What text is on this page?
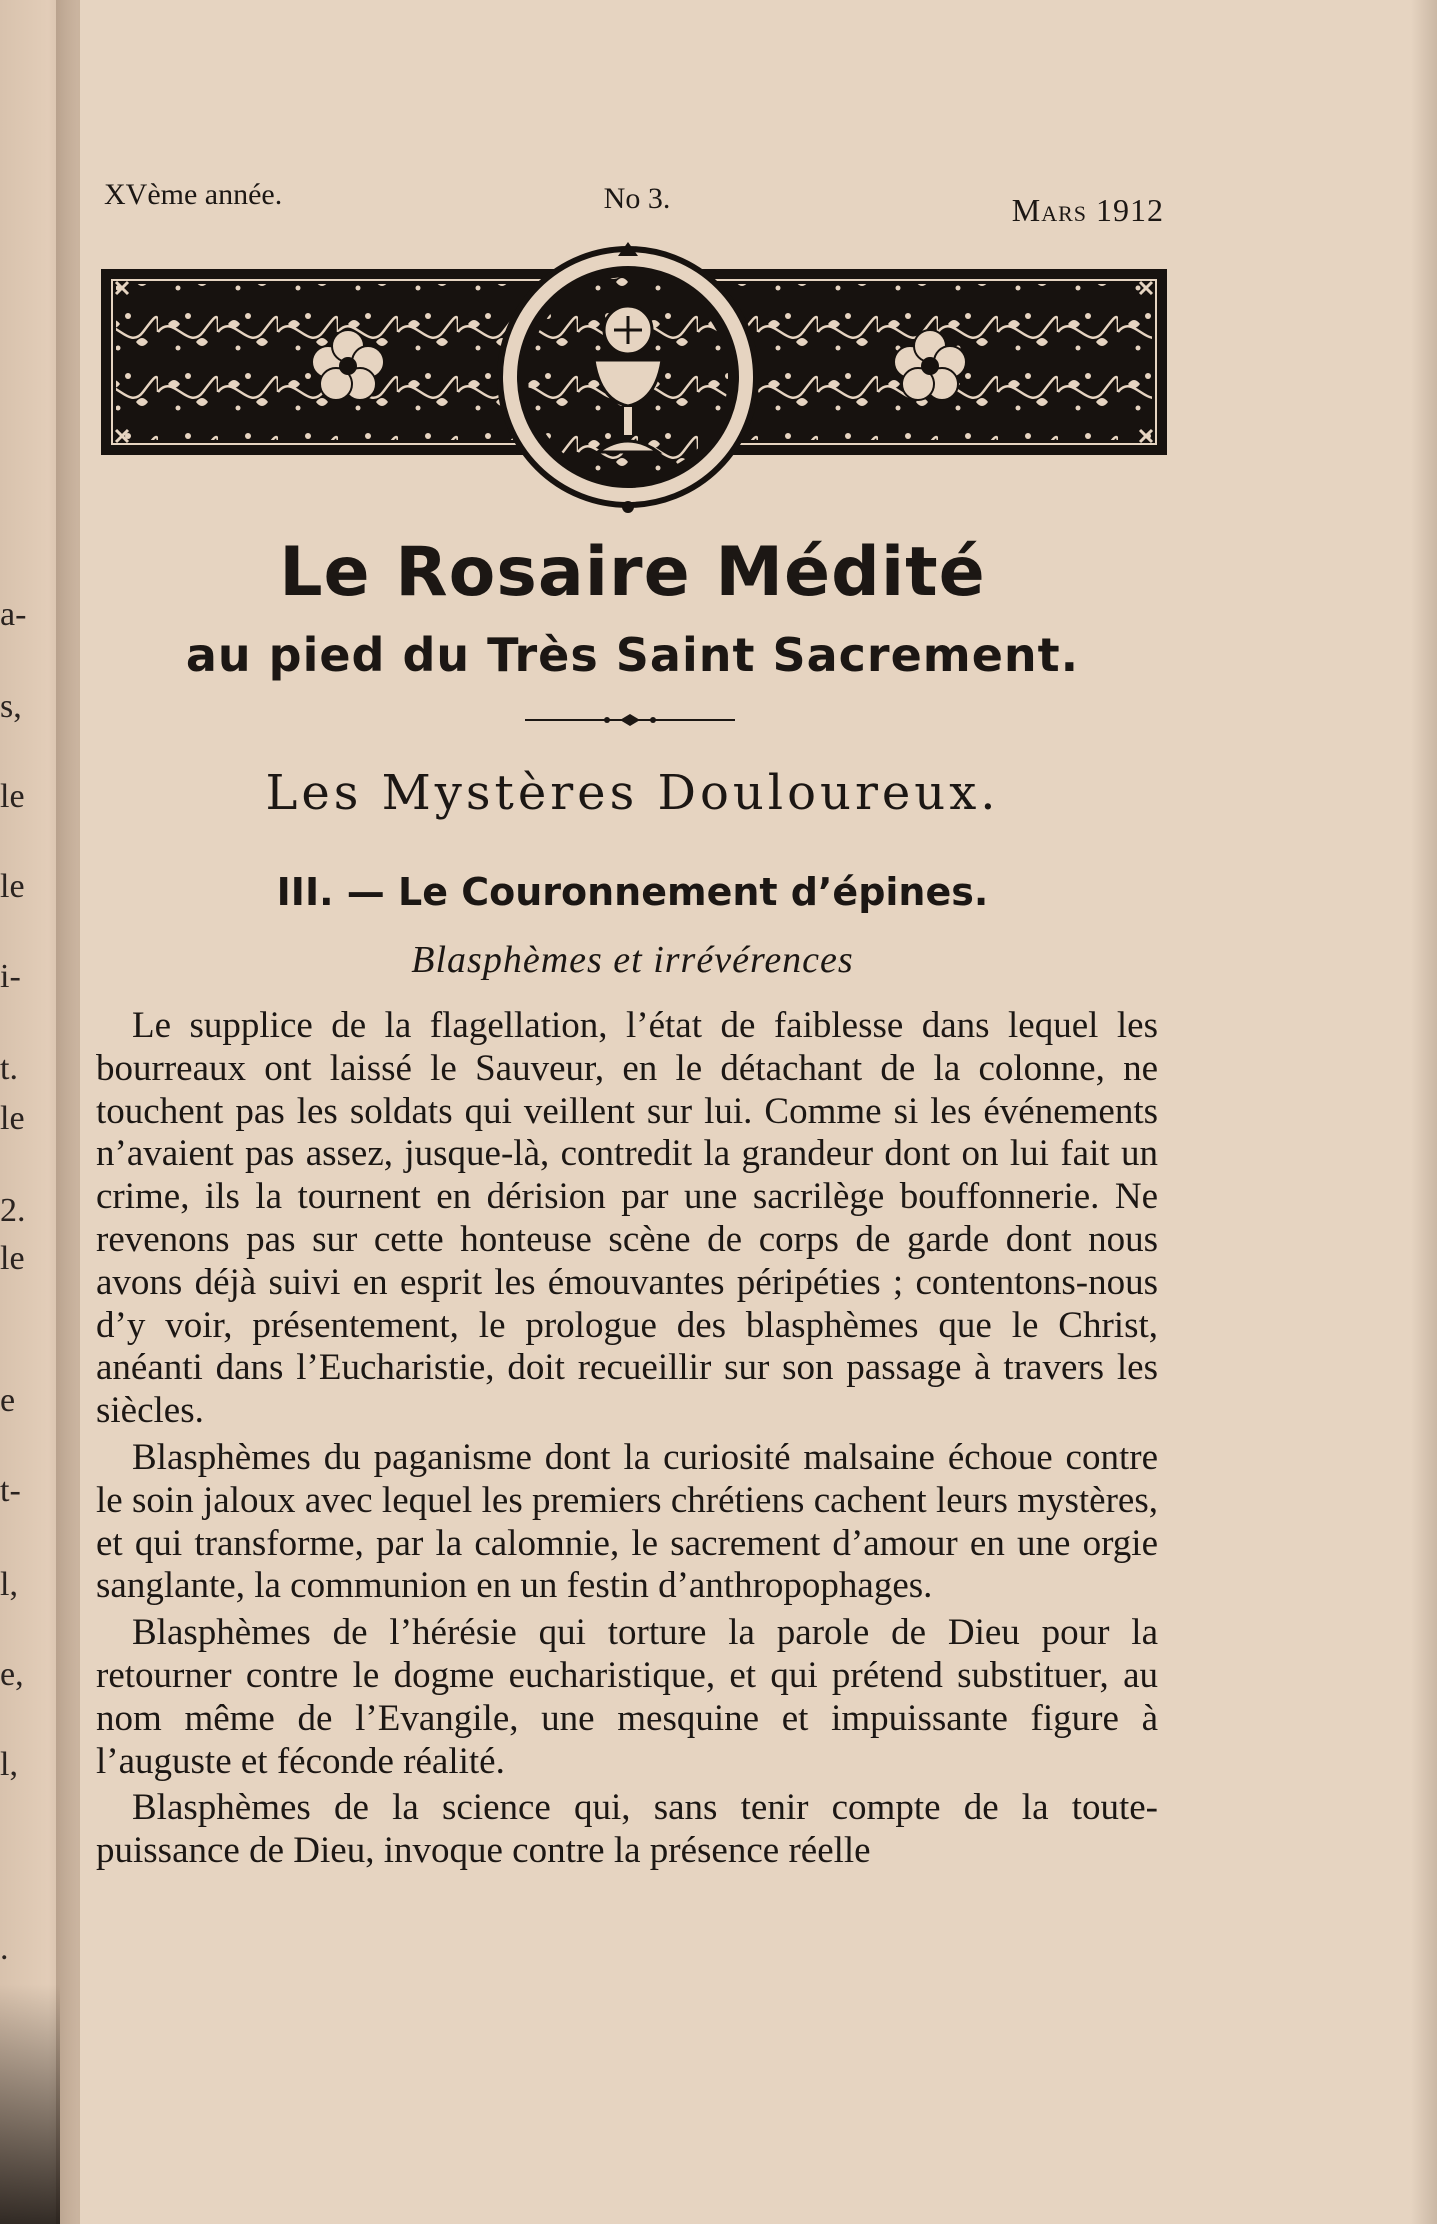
a-
s,
le
le
i-
t.
le
2.
le
e
t-
l,
e,
l,
.
XVème année.	No 3.	Mars 1912
Le Rosaire Médité
au pied du Très Saint Sacrement.
Les Mystères Douloureux.
III. — Le Couronnement d’épines.
Blasphèmes et irrévérences

Le supplice de la flagellation, l’état de faiblesse dans lequel les bourreaux ont laissé le Sauveur, en le détachant de la colonne, ne touchent pas les soldats qui veillent sur lui. Comme si les événements n’avaient pas assez, jusque-là, contredit la grandeur dont on lui fait un crime, ils la tournent en dérision par une sacrilège bouffonnerie. Ne revenons pas sur cette honteuse scène de corps de garde dont nous avons déjà suivi en esprit les émouvantes péripéties ; contentons-nous d’y voir, présentement, le prologue des blasphèmes que le Christ, anéanti dans l’Eucharistie, doit recueillir sur son passage à travers les siècles.

Blasphèmes du paganisme dont la curiosité malsaine échoue contre le soin jaloux avec lequel les premiers chrétiens cachent leurs mystères, et qui transforme, par la calomnie, le sacrement d’amour en une orgie sanglante, la communion en un festin d’anthropophages.

Blasphèmes de l’hérésie qui torture la parole de Dieu pour la retourner contre le dogme eucharistique, et qui prétend substituer, au nom même de l’Evangile, une mesquine et impuissante figure à l’auguste et féconde réalité.

Blasphèmes de la science qui, sans tenir compte de la toute-puissance de Dieu, invoque contre la présence réelle
